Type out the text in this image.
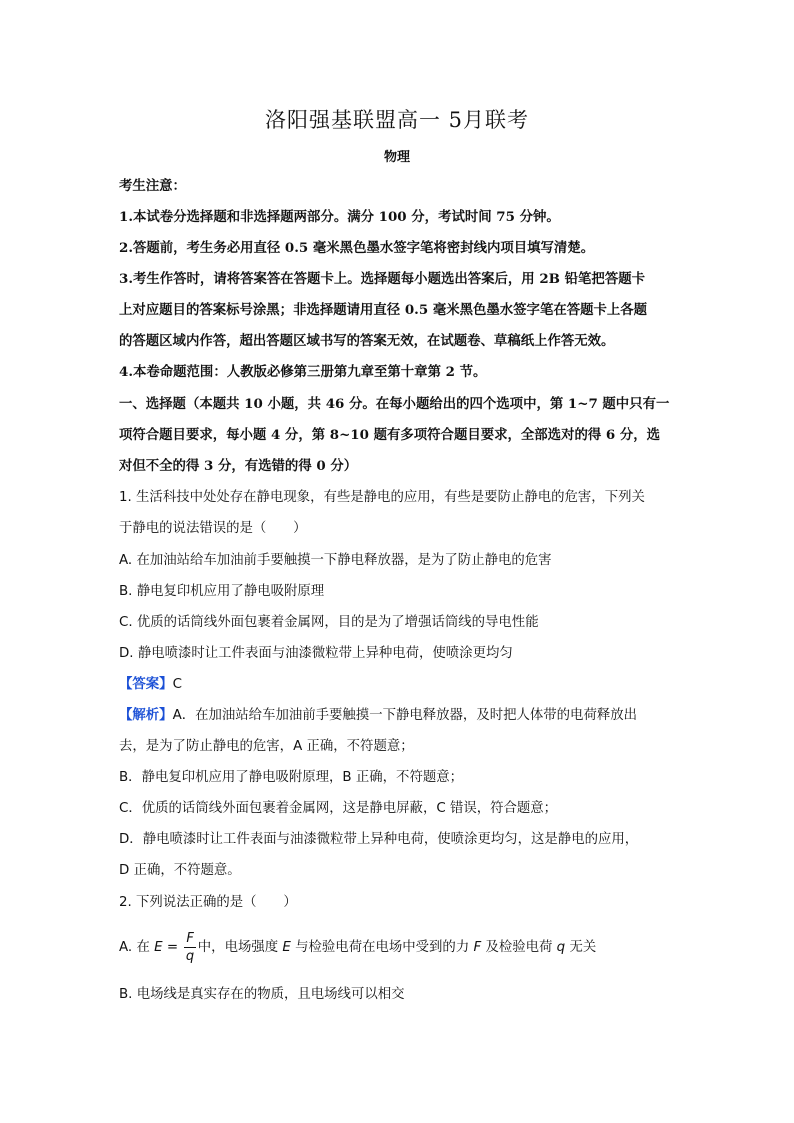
洛阳强基联盟高一 5月联考
物理
考生注意：
1.本试卷分选择题和非选择题两部分。满分 100 分，考试时间 75 分钟。
2.答题前，考生务必用直径 0.5 毫米黑色墨水签字笔将密封线内项目填写清楚。
3.考生作答时，请将答案答在答题卡上。选择题每小题选出答案后，用 2B 铅笔把答题卡
上对应题目的答案标号涂黑；非选择题请用直径 0.5 毫米黑色墨水签字笔在答题卡上各题
的答题区域内作答，超出答题区域书写的答案无效，在试题卷、草稿纸上作答无效。
4.本卷命题范围：人教版必修第三册第九章至第十章第 2 节。
一、选择题（本题共 10 小题，共 46 分。在每小题给出的四个选项中，第 1~7 题中只有一
项符合题目要求，每小题 4 分，第 8~10 题有多项符合题目要求，全部选对的得 6 分，选
对但不全的得 3 分，有选错的得 0 分）
1. 生活科技中处处存在静电现象，有些是静电的应用，有些是要防止静电的危害，下列关
于静电的说法错误的是（　　）
A. 在加油站给车加油前手要触摸一下静电释放器，是为了防止静电的危害
B. 静电复印机应用了静电吸附原理
C. 优质的话筒线外面包裹着金属网，目的是为了增强话筒线的导电性能
D. 静电喷漆时让工件表面与油漆微粒带上异种电荷，使喷涂更均匀
【答案】C
【解析】A．在加油站给车加油前手要触摸一下静电释放器，及时把人体带的电荷释放出
去，是为了防止静电的危害，A 正确，不符题意；
B．静电复印机应用了静电吸附原理，B 正确，不符题意；
C．优质的话筒线外面包裹着金属网，这是静电屏蔽，C 错误，符合题意；
D．静电喷漆时让工件表面与油漆微粒带上异种电荷，使喷涂更均匀，这是静电的应用，
D 正确，不符题意。
2. 下列说法正确的是（　　）
A. 在 $E = \frac{F}{q}$ 中，电场强度 E 与检验电荷在电场中受到的力 F 及检验电荷 q 无关
B. 电场线是真实存在的物质，且电场线可以相交
